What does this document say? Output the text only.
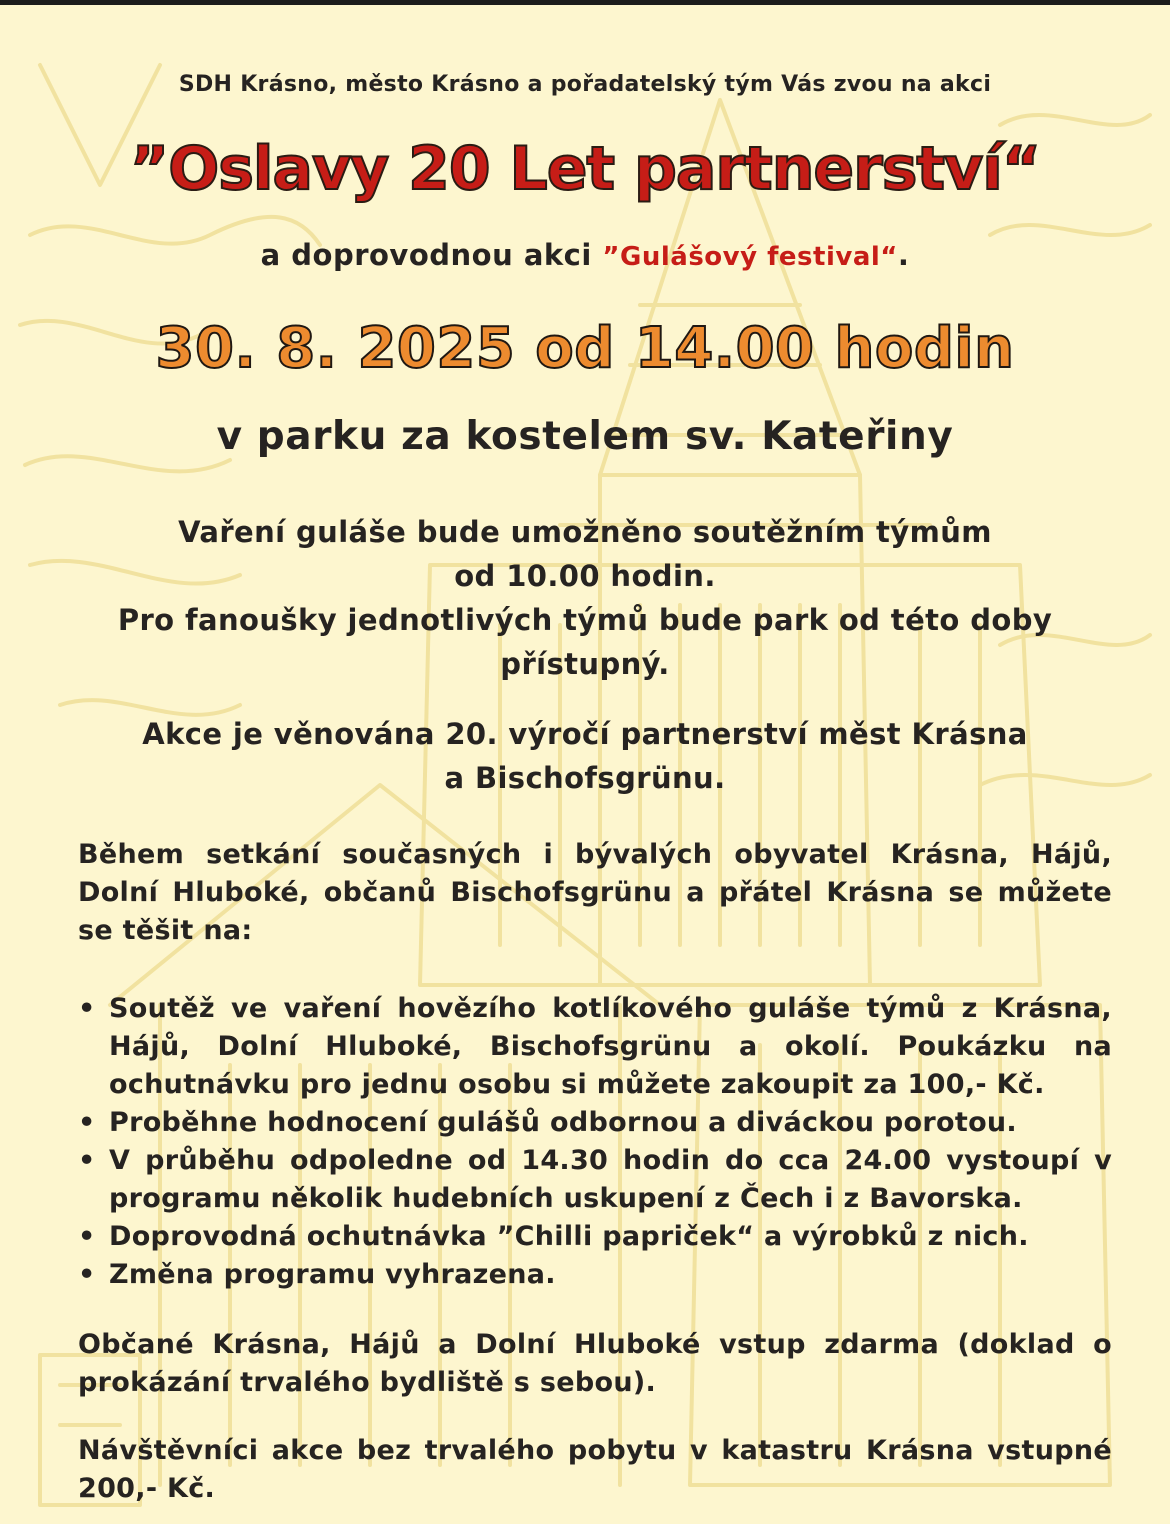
SDH Krásno, město Krásno a pořadatelský tým Vás zvou na akci

”Oslavy 20 Let partnerství“

a doprovodnou akci ”Gulášový festival“.

30. 8. 2025 od 14.00 hodin

v parku za kostelem sv. Kateřiny

Vaření guláše bude umožněno soutěžním týmům
od 10.00 hodin.
Pro fanoušky jednotlivých týmů bude park od této doby
přístupný.
Akce je věnována 20. výročí partnerství měst Krásna
a Bischofsgrünu.

Během setkání současných i bývalých obyvatel Krásna, Hájů, Dolní Hluboké, občanů Bischofsgrünu a přátel Krásna se můžete se těšit na:

• Soutěž ve vaření hovězího kotlíkového guláše týmů z Krásna, Hájů, Dolní Hluboké, Bischofsgrünu a okolí. Poukázku na ochutnávku pro jednu osobu si můžete zakoupit za 100,- Kč.
• Proběhne hodnocení gulášů odbornou a diváckou porotou.
• V průběhu odpoledne od 14.30 hodin do cca 24.00 vystoupí v programu několik hudebních uskupení z Čech i z Bavorska.
• Doprovodná ochutnávka ”Chilli papriček“ a výrobků z nich.
• Změna programu vyhrazena.

Občané Krásna, Hájů a Dolní Hluboké vstup zdarma (doklad o prokázání trvalého bydliště s sebou).

Návštěvníci akce bez trvalého pobytu v katastru Krásna vstupné 200,- Kč.
